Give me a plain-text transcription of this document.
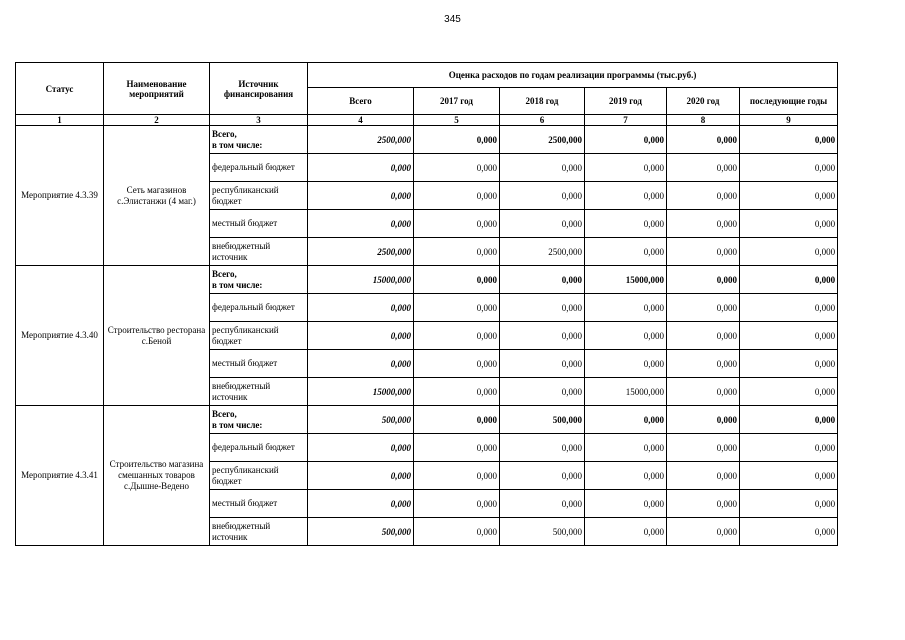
345
Статус	Наименование мероприятий	Источник финансирования	Оценка расходов по годам реализации программы (тыс.руб.)					
			Всего	2017 год	2018 год	2019 год	2020 год	последующие годы
1	2	3	4	5	6	7	8	9
Мероприятие 4.3.39	Сеть магазинов с.Элистанжи (4 маг.)	Всего,
в том числе:	2500,000	0,000	2500,000	0,000	0,000	0,000
		федеральный бюджет	0,000	0,000	0,000	0,000	0,000	0,000
		республиканский бюджет	0,000	0,000	0,000	0,000	0,000	0,000
		местный бюджет	0,000	0,000	0,000	0,000	0,000	0,000
		внебюджетный источник	2500,000	0,000	2500,000	0,000	0,000	0,000
Мероприятие 4.3.40	Строительство ресторана с.Беной	Всего,
в том числе:	15000,000	0,000	0,000	15000,000	0,000	0,000
		федеральный бюджет	0,000	0,000	0,000	0,000	0,000	0,000
		республиканский бюджет	0,000	0,000	0,000	0,000	0,000	0,000
		местный бюджет	0,000	0,000	0,000	0,000	0,000	0,000
		внебюджетный источник	15000,000	0,000	0,000	15000,000	0,000	0,000
Мероприятие 4.3.41	Строительство магазина смешанных товаров с.Дышне-Ведено	Всего,
в том числе:	500,000	0,000	500,000	0,000	0,000	0,000
		федеральный бюджет	0,000	0,000	0,000	0,000	0,000	0,000
		республиканский бюджет	0,000	0,000	0,000	0,000	0,000	0,000
		местный бюджет	0,000	0,000	0,000	0,000	0,000	0,000
		внебюджетный источник	500,000	0,000	500,000	0,000	0,000	0,000
